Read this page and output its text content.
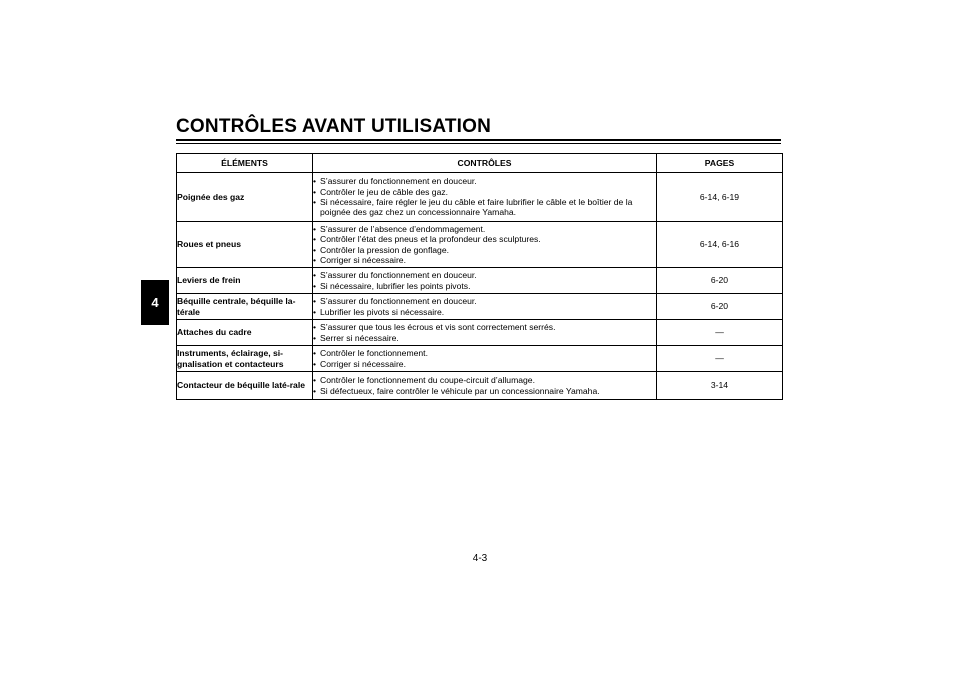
CONTRÔLES AVANT UTILISATION
4
ÉLÉMENTS	CONTRÔLES	PAGES
Poignée des gaz	• S’assurer du fonctionnement en douceur.
• Contrôler le jeu de câble des gaz.
• Si nécessaire, faire régler le jeu du câble et faire lubrifier le câble et le boîtier de la poignée des gaz chez un concessionnaire Yamaha.	6-14, 6-19
Roues et pneus	• S’assurer de l’absence d’endommagement.
• Contrôler l’état des pneus et la profondeur des sculptures.
• Contrôler la pression de gonflage.
• Corriger si nécessaire.	6-14, 6-16
Leviers de frein	• S’assurer du fonctionnement en douceur.
• Si nécessaire, lubrifier les points pivots.	6-20
Béquille centrale, béquille la-térale	• S’assurer du fonctionnement en douceur.
• Lubrifier les pivots si nécessaire.	6-20
Attaches du cadre	• S’assurer que tous les écrous et vis sont correctement serrés.
• Serrer si nécessaire.	—
Instruments, éclairage, si-gnalisation et contacteurs	• Contrôler le fonctionnement.
• Corriger si nécessaire.	—
Contacteur de béquille laté-rale	• Contrôler le fonctionnement du coupe-circuit d’allumage.
• Si défectueux, faire contrôler le véhicule par un concessionnaire Yamaha.	3-14
4-3
